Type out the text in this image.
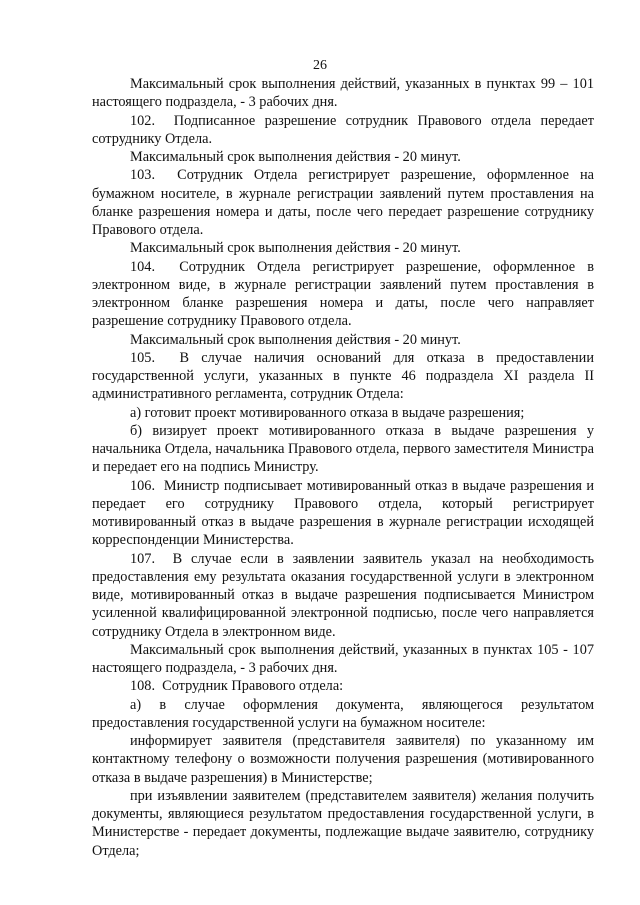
26

Максимальный срок выполнения действий, указанных в пунктах 99 – 101 настоящего подраздела, - 3 рабочих дня.

102.  Подписанное разрешение сотрудник Правового отдела передает сотруднику Отдела.

Максимальный срок выполнения действия - 20 минут.

103.  Сотрудник Отдела регистрирует разрешение, оформленное на бумажном носителе, в журнале регистрации заявлений путем проставления на бланке разрешения номера и даты, после чего передает разрешение сотруднику Правового отдела.

Максимальный срок выполнения действия - 20 минут.

104.  Сотрудник Отдела регистрирует разрешение, оформленное в электронном виде, в журнале регистрации заявлений путем проставления в электронном бланке разрешения номера и даты, после чего направляет разрешение сотруднику Правового отдела.

Максимальный срок выполнения действия - 20 минут.

105.  В случае наличия оснований для отказа в предоставлении государственной услуги, указанных в пункте 46 подраздела XI раздела II административного регламента, сотрудник Отдела:

а) готовит проект мотивированного отказа в выдаче разрешения;

б) визирует проект мотивированного отказа в выдаче разрешения у начальника Отдела, начальника Правового отдела, первого заместителя Министра и передает его на подпись Министру.

106.  Министр подписывает мотивированный отказ в выдаче разрешения и передает его сотруднику Правового отдела, который регистрирует мотивированный отказ в выдаче разрешения в журнале регистрации исходящей корреспонденции Министерства.

107.  В случае если в заявлении заявитель указал на необходимость предоставления ему результата оказания государственной услуги в электронном виде, мотивированный отказ в выдаче разрешения подписывается Министром усиленной квалифицированной электронной подписью, после чего направляется сотруднику Отдела в электронном виде.

Максимальный срок выполнения действий, указанных в пунктах 105 - 107 настоящего подраздела, - 3 рабочих дня.

108.  Сотрудник Правового отдела:

а) в случае оформления документа, являющегося результатом предоставления государственной услуги на бумажном носителе:

информирует заявителя (представителя заявителя) по указанному им контактному телефону о возможности получения разрешения (мотивированного отказа в выдаче разрешения) в Министерстве;

при изъявлении заявителем (представителем заявителя) желания получить документы, являющиеся результатом предоставления государственной услуги, в Министерстве - передает документы, подлежащие выдаче заявителю, сотруднику Отдела;
